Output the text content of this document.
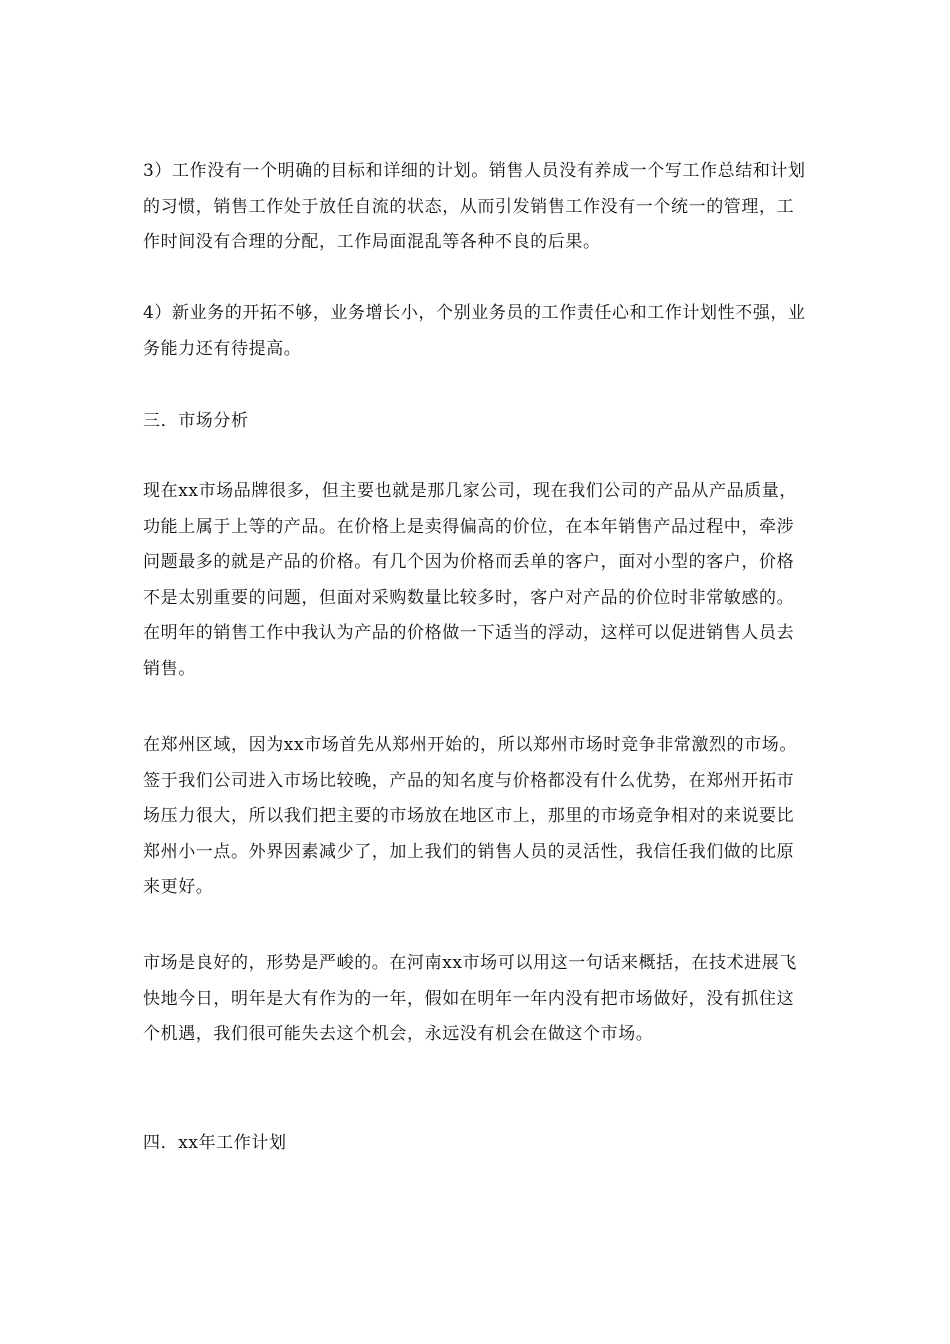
3）工作没有一个明确的目标和详细的计划。销售人员没有养成一个写工作总结和计划的习惯，销售工作处于放任自流的状态，从而引发销售工作没有一个统一的管理，工作时间没有合理的分配，工作局面混乱等各种不良的后果。

4）新业务的开拓不够，业务增长小，个别业务员的工作责任心和工作计划性不强，业务能力还有待提高。

三．市场分析

现在xx市场品牌很多，但主要也就是那几家公司，现在我们公司的产品从产品质量，功能上属于上等的产品。在价格上是卖得偏高的价位，在本年销售产品过程中，牵涉问题最多的就是产品的价格。有几个因为价格而丢单的客户，面对小型的客户，价格不是太别重要的问题，但面对采购数量比较多时，客户对产品的价位时非常敏感的。在明年的销售工作中我认为产品的价格做一下适当的浮动，这样可以促进销售人员去销售。

在郑州区域，因为xx市场首先从郑州开始的，所以郑州市场时竞争非常激烈的市场。签于我们公司进入市场比较晚，产品的知名度与价格都没有什么优势，在郑州开拓市场压力很大，所以我们把主要的市场放在地区市上，那里的市场竞争相对的来说要比郑州小一点。外界因素减少了，加上我们的销售人员的灵活性，我信任我们做的比原来更好。

市场是良好的，形势是严峻的。在河南xx市场可以用这一句话来概括，在技术进展飞快地今日，明年是大有作为的一年，假如在明年一年内没有把市场做好，没有抓住这个机遇，我们很可能失去这个机会，永远没有机会在做这个市场。

四．xx年工作计划
